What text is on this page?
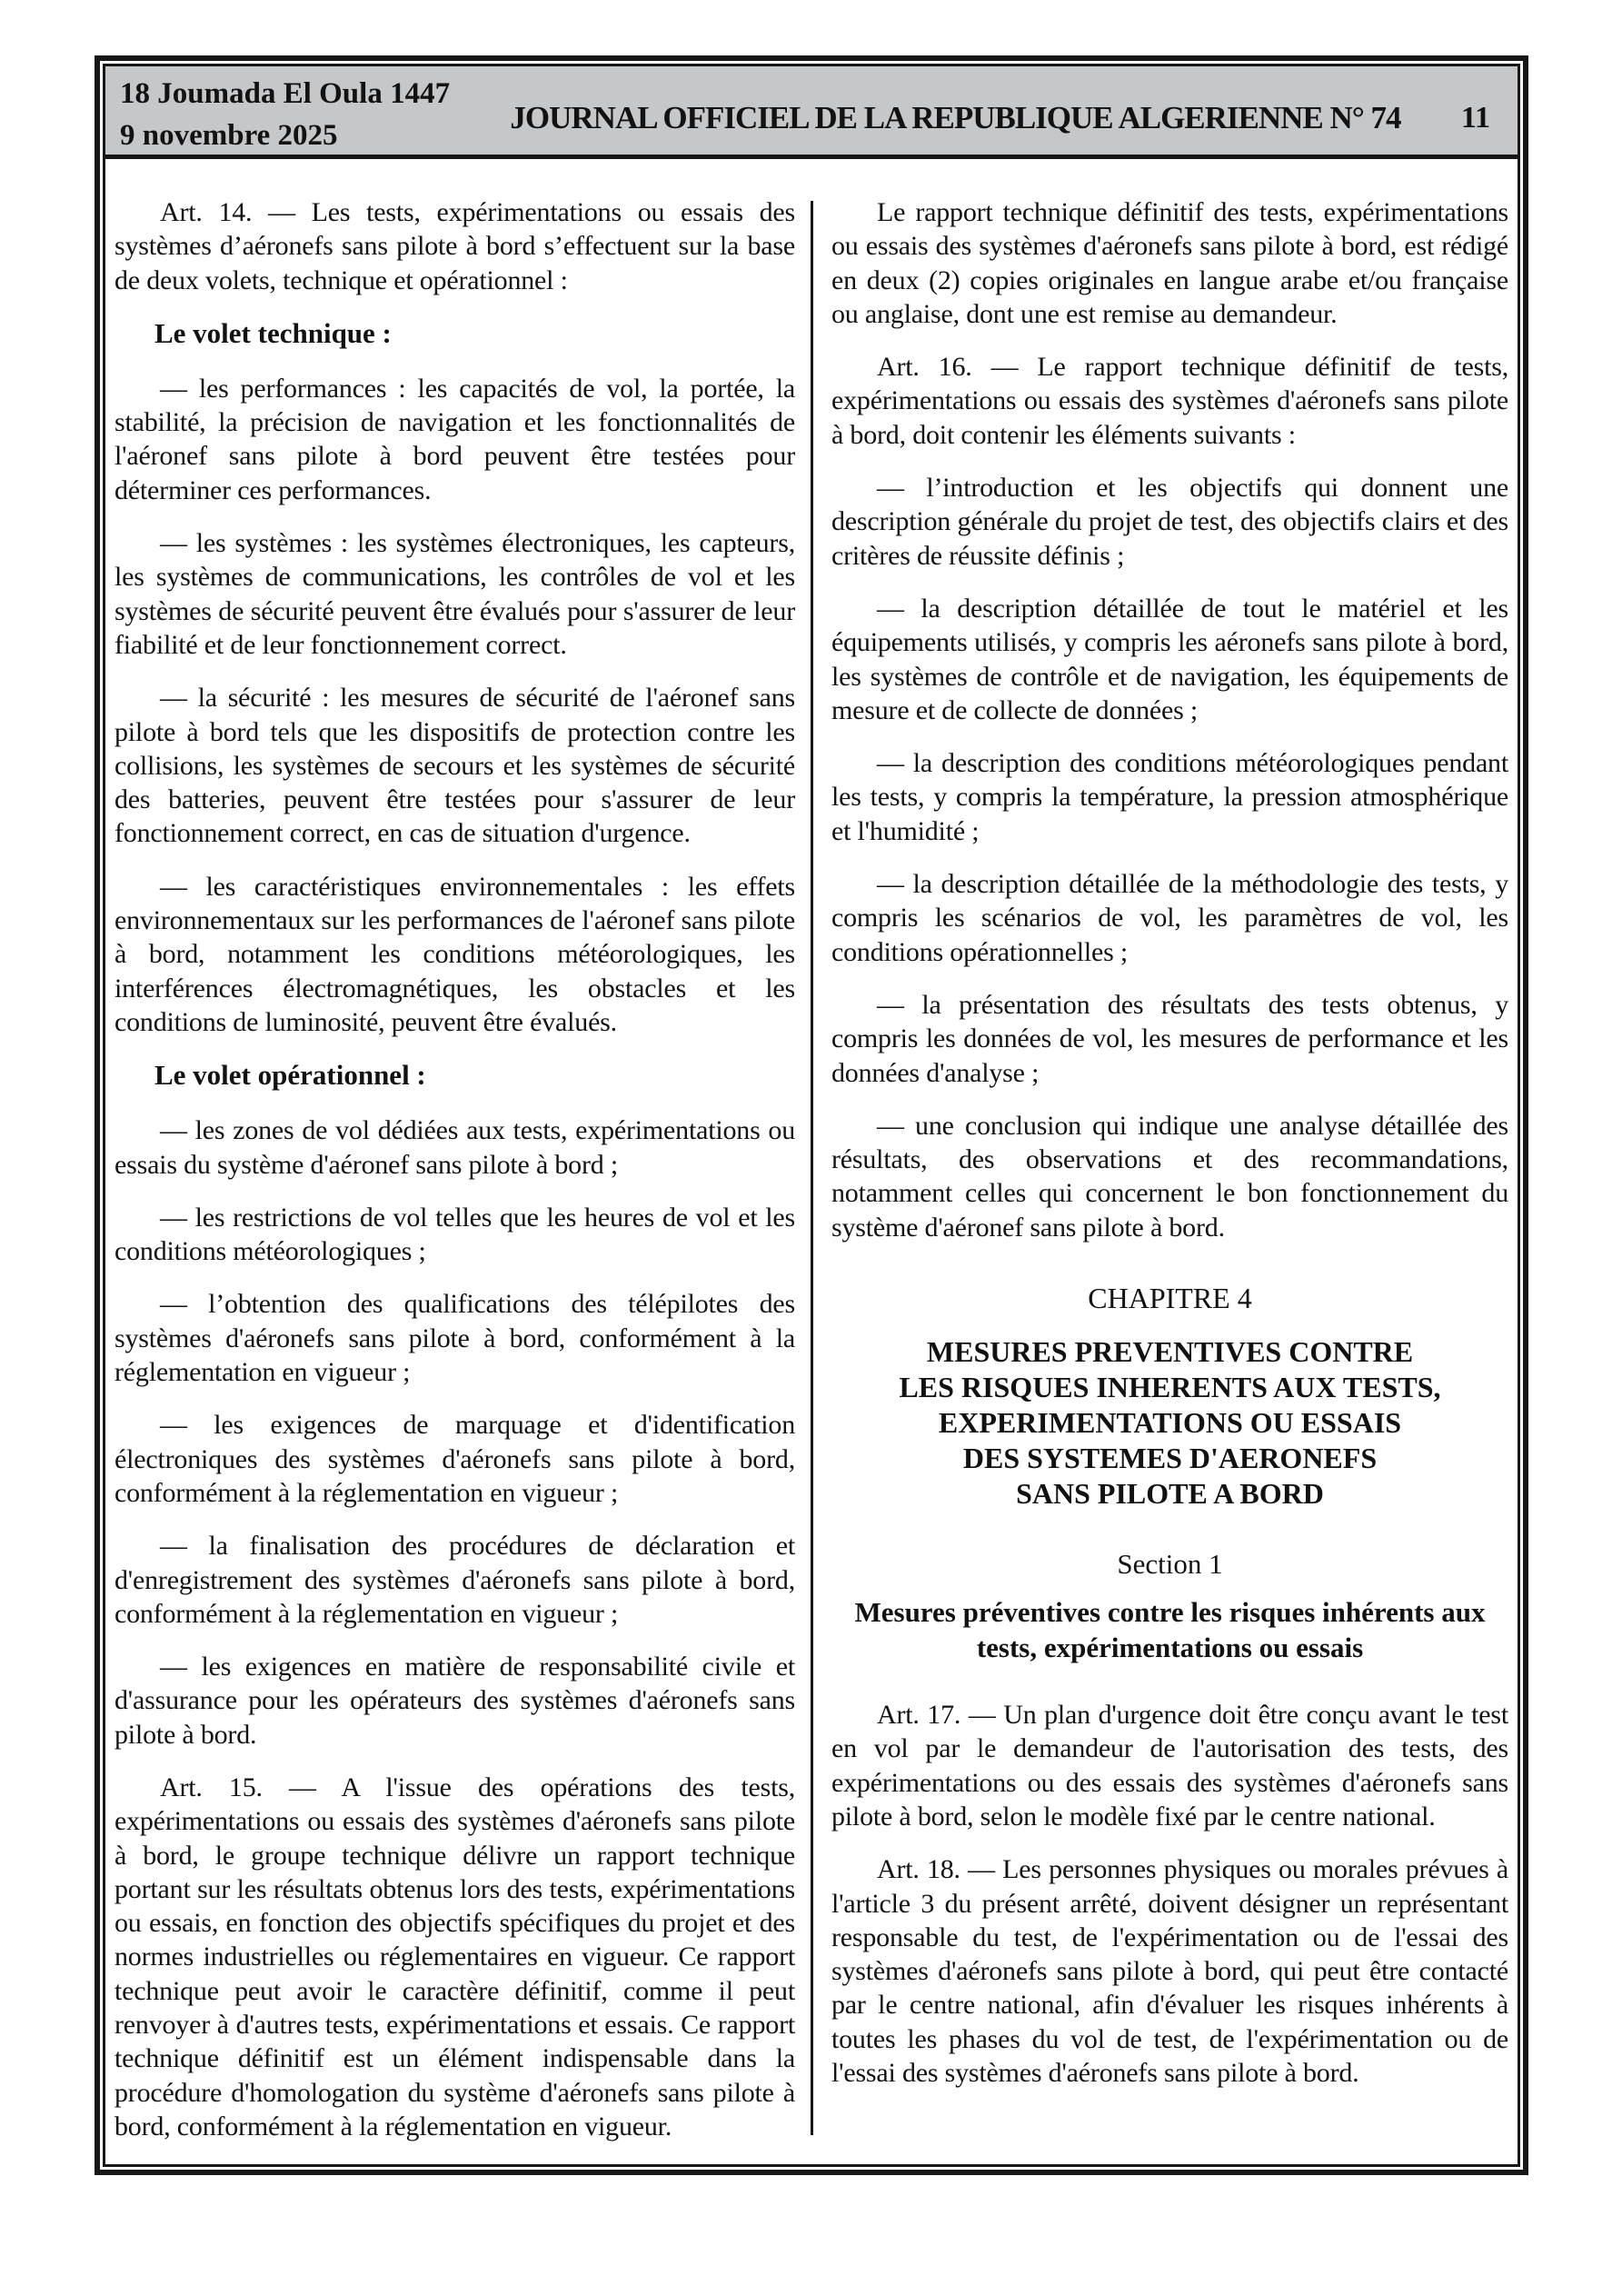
18 Joumada El Oula 1447
9 novembre 2025	JOURNAL OFFICIEL DE LA REPUBLIQUE ALGERIENNE N° 74	11

Art. 14. — Les tests, expérimentations ou essais des systèmes d’aéronefs sans pilote à bord s’effectuent sur la base de deux volets, technique et opérationnel :

Le volet technique :

— les performances : les capacités de vol, la portée, la stabilité, la précision de navigation et les fonctionnalités de l'aéronef sans pilote à bord peuvent être testées pour déterminer ces performances.

— les systèmes : les systèmes électroniques, les capteurs, les systèmes de communications, les contrôles de vol et les systèmes de sécurité peuvent être évalués pour s'assurer de leur fiabilité et de leur fonctionnement correct.

— la sécurité : les mesures de sécurité de l'aéronef sans pilote à bord tels que les dispositifs de protection contre les collisions, les systèmes de secours et les systèmes de sécurité des batteries, peuvent être testées pour s'assurer de leur fonctionnement correct, en cas de situation d'urgence.

— les caractéristiques environnementales : les effets environnementaux sur les performances de l'aéronef sans pilote à bord, notamment les conditions météorologiques, les interférences électromagnétiques, les obstacles et les conditions de luminosité, peuvent être évalués.

Le volet opérationnel :

— les zones de vol dédiées aux tests, expérimentations ou essais du système d'aéronef sans pilote à bord ;

— les restrictions de vol telles que les heures de vol et les conditions météorologiques ;

— l’obtention des qualifications des télépilotes des systèmes d'aéronefs sans pilote à bord, conformément à la réglementation en vigueur ;

— les exigences de marquage et d'identification électroniques des systèmes d'aéronefs sans pilote à bord, conformément à la réglementation en vigueur ;

— la finalisation des procédures de déclaration et d'enregistrement des systèmes d'aéronefs sans pilote à bord, conformément à la réglementation en vigueur ;

— les exigences en matière de responsabilité civile et d'assurance pour les opérateurs des systèmes d'aéronefs sans pilote à bord.

Art. 15. — A l'issue des opérations des tests, expérimentations ou essais des systèmes d'aéronefs sans pilote à bord, le groupe technique délivre un rapport technique portant sur les résultats obtenus lors des tests, expérimentations ou essais, en fonction des objectifs spécifiques du projet et des normes industrielles ou réglementaires en vigueur. Ce rapport technique peut avoir le caractère définitif, comme il peut renvoyer à d'autres tests, expérimentations et essais. Ce rapport technique définitif est un élément indispensable dans la procédure d'homologation du système d'aéronefs sans pilote à bord, conformément à la réglementation en vigueur.

Le rapport technique définitif des tests, expérimentations ou essais des systèmes d'aéronefs sans pilote à bord, est rédigé en deux (2) copies originales en langue arabe et/ou française ou anglaise, dont une est remise au demandeur.

Art. 16. — Le rapport technique définitif de tests, expérimentations ou essais des systèmes d'aéronefs sans pilote à bord, doit contenir les éléments suivants :

— l’introduction et les objectifs qui donnent une description générale du projet de test, des objectifs clairs et des critères de réussite définis ;

— la description détaillée de tout le matériel et les équipements utilisés, y compris les aéronefs sans pilote à bord, les systèmes de contrôle et de navigation, les équipements de mesure et de collecte de données ;

— la description des conditions météorologiques pendant les tests, y compris la température, la pression atmosphérique et l'humidité ;

— la description détaillée de la méthodologie des tests, y compris les scénarios de vol, les paramètres de vol, les conditions opérationnelles ;

— la présentation des résultats des tests obtenus, y compris les données de vol, les mesures de performance et les données d'analyse ;

— une conclusion qui indique une analyse détaillée des résultats, des observations et des recommandations, notamment celles qui concernent le bon fonctionnement du système d'aéronef sans pilote à bord.

CHAPITRE 4

MESURES PREVENTIVES CONTRE
LES RISQUES INHERENTS AUX TESTS,
EXPERIMENTATIONS OU ESSAIS
DES SYSTEMES D'AERONEFS
SANS PILOTE A BORD

Section 1

Mesures préventives contre les risques inhérents aux tests, expérimentations ou essais

Art. 17. — Un plan d'urgence doit être conçu avant le test en vol par le demandeur de l'autorisation des tests, des expérimentations ou des essais des systèmes d'aéronefs sans pilote à bord, selon le modèle fixé par le centre national.

Art. 18. — Les personnes physiques ou morales prévues à l'article 3 du présent arrêté, doivent désigner un représentant responsable du test, de l'expérimentation ou de l'essai des systèmes d'aéronefs sans pilote à bord, qui peut être contacté par le centre national, afin d'évaluer les risques inhérents à toutes les phases du vol de test, de l'expérimentation ou de l'essai des systèmes d'aéronefs sans pilote à bord.
